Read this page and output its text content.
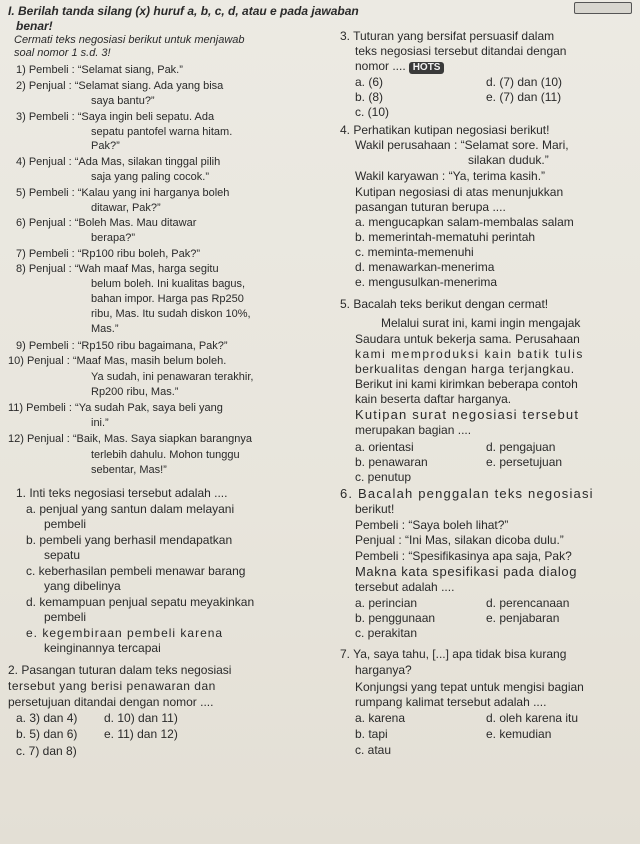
I. Berilah tanda silang (x) huruf a, b, c, d, atau e pada jawaban
benar!
Cermati teks negosiasi berikut untuk menjawab
soal nomor 1 s.d. 3!
1) Pembeli : “Selamat siang, Pak.”
2) Penjual : “Selamat siang. Ada yang bisa
saya bantu?”
3) Pembeli : “Saya ingin beli sepatu. Ada
sepatu pantofel warna hitam.
Pak?”
4) Penjual : “Ada Mas, silakan tinggal pilih
saja yang paling cocok.”
5) Pembeli : “Kalau yang ini harganya boleh
ditawar, Pak?”
6) Penjual : “Boleh Mas. Mau ditawar
berapa?”
7) Pembeli : “Rp100 ribu boleh, Pak?”
8) Penjual : “Wah maaf Mas, harga segitu
belum boleh. Ini kualitas bagus,
bahan impor. Harga pas Rp250
ribu, Mas. Itu sudah diskon 10%,
Mas.”
9) Pembeli : “Rp150 ribu bagaimana, Pak?”
10) Penjual : “Maaf Mas, masih belum boleh.
Ya sudah, ini penawaran terakhir,
Rp200 ribu, Mas.”
11) Pembeli : “Ya sudah Pak, saya beli yang
ini.”
12) Penjual : “Baik, Mas. Saya siapkan barangnya
terlebih dahulu. Mohon tunggu
sebentar, Mas!”
1. Inti teks negosiasi tersebut adalah ....
a. penjual yang santun dalam melayani
pembeli
b. pembeli yang berhasil mendapatkan
sepatu
c. keberhasilan pembeli menawar barang
yang dibelinya
d. kemampuan penjual sepatu meyakinkan
pembeli
e. kegembiraan pembeli karena
keinginannya tercapai
2. Pasangan tuturan dalam teks negosiasi
tersebut yang berisi penawaran dan
persetujuan ditandai dengan nomor ....
a. 3) dan 4)
b. 5) dan 6)
c. 7) dan 8)
d. 10) dan 11)
e. 11) dan 12)
3. Tuturan yang bersifat persuasif dalam
teks negosiasi tersebut ditandai dengan
nomor .... HOTS
a. (6)
b. (8)
c. (10)
d. (7) dan (10)
e. (7) dan (11)
4. Perhatikan kutipan negosiasi berikut!
Wakil perusahaan : “Selamat sore. Mari,
silakan duduk.”
Wakil karyawan : “Ya, terima kasih.”
Kutipan negosiasi di atas menunjukkan
pasangan tuturan berupa ....
a. mengucapkan salam-membalas salam
b. memerintah-mematuhi perintah
c. meminta-memenuhi
d. menawarkan-menerima
e. mengusulkan-menerima
5. Bacalah teks berikut dengan cermat!
Melalui surat ini, kami ingin mengajak
Saudara untuk bekerja sama. Perusahaan
kami memproduksi kain batik tulis
berkualitas dengan harga terjangkau.
Berikut ini kami kirimkan beberapa contoh
kain beserta daftar harganya.
Kutipan surat negosiasi tersebut
merupakan bagian ....
a. orientasi
b. penawaran
c. penutup
d. pengajuan
e. persetujuan
6. Bacalah penggalan teks negosiasi
berikut!
Pembeli : “Saya boleh lihat?”
Penjual : “Ini Mas, silakan dicoba dulu.”
Pembeli : “Spesifikasinya apa saja, Pak?
Makna kata spesifikasi pada dialog
tersebut adalah ....
a. perincian
b. penggunaan
c. perakitan
d. perencanaan
e. penjabaran
7. Ya, saya tahu, [...] apa tidak bisa kurang
harganya?
Konjungsi yang tepat untuk mengisi bagian
rumpang kalimat tersebut adalah ....
a. karena
b. tapi
c. atau
d. oleh karena itu
e. kemudian
